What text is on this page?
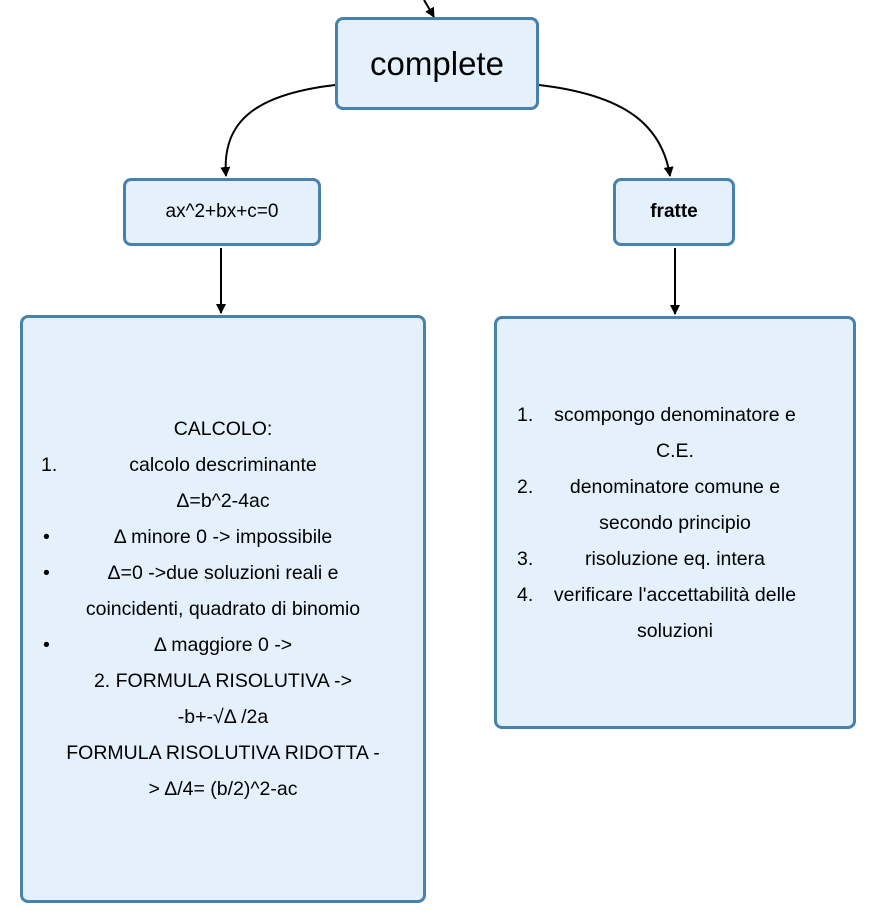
complete
ax^2+bx+c=0	fratte
CALCOLO:
1.	calcolo descriminante
Δ=b^2-4ac
•	Δ minore 0 -> impossibile
•	Δ=0 ->due soluzioni reali e
coincidenti, quadrato di binomio
•	Δ maggiore 0 ->
2. FORMULA RISOLUTIVA ->
-b+-√Δ /2a
FORMULA RISOLUTIVA RIDOTTA -
> Δ/4= (b/2)^2-ac
1. scompongo denominatore e
C.E.
2. denominatore comune e
secondo principio
3.	risoluzione eq. intera
4. verificare l'accettabilità delle
soluzioni
